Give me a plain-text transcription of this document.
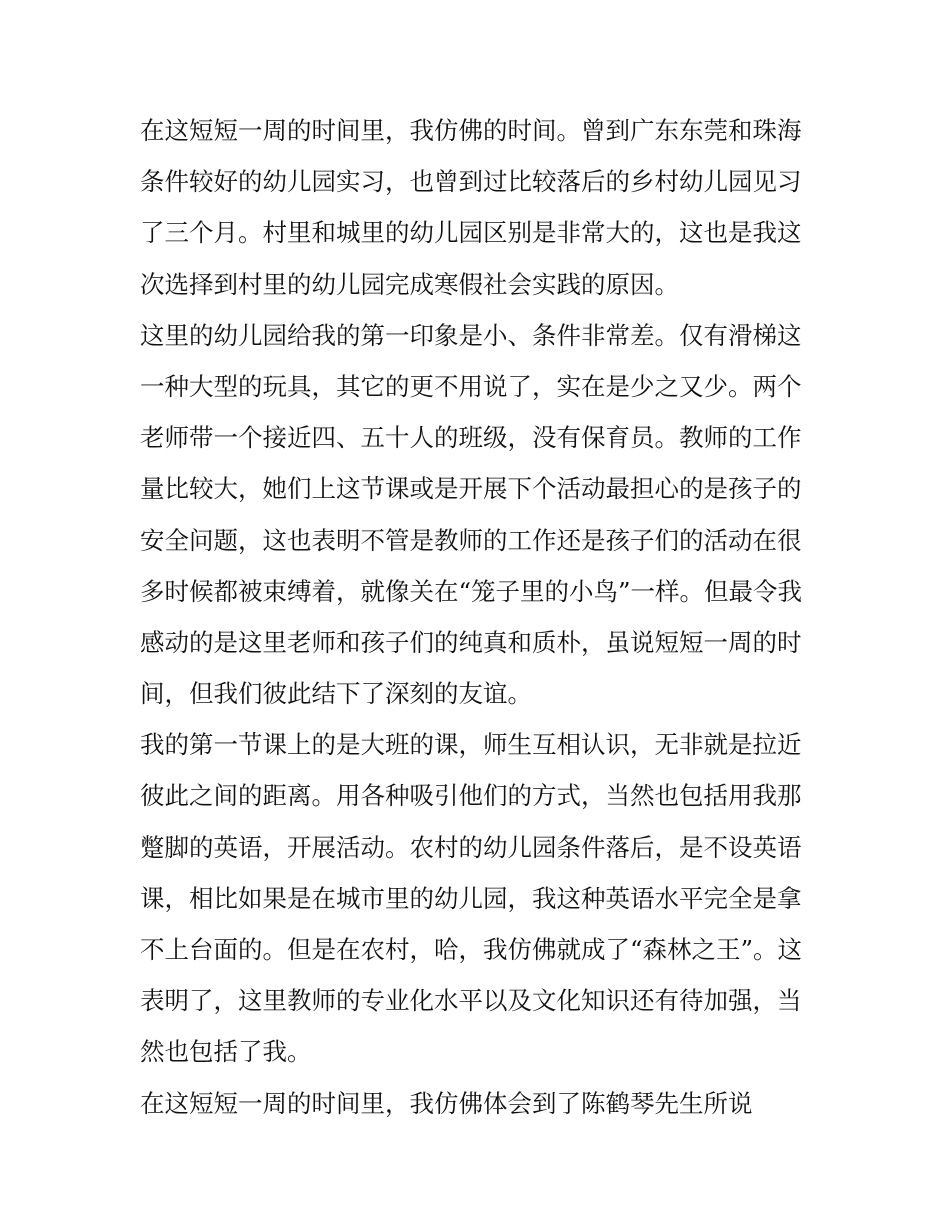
在这短短一周的时间里，我仿佛的时间。曾到广东东莞和珠海
条件较好的幼儿园实习，也曾到过比较落后的乡村幼儿园见习
了三个月。村里和城里的幼儿园区别是非常大的，这也是我这
次选择到村里的幼儿园完成寒假社会实践的原因。
这里的幼儿园给我的第一印象是小、条件非常差。仅有滑梯这
一种大型的玩具，其它的更不用说了，实在是少之又少。两个
老师带一个接近四、五十人的班级，没有保育员。教师的工作
量比较大，她们上这节课或是开展下个活动最担心的是孩子的
安全问题，这也表明不管是教师的工作还是孩子们的活动在很
多时候都被束缚着，就像关在“笼子里的小鸟”一样。但最令我
感动的是这里老师和孩子们的纯真和质朴，虽说短短一周的时
间，但我们彼此结下了深刻的友谊。
我的第一节课上的是大班的课，师生互相认识，无非就是拉近
彼此之间的距离。用各种吸引他们的方式，当然也包括用我那
蹩脚的英语，开展活动。农村的幼儿园条件落后，是不设英语
课，相比如果是在城市里的幼儿园，我这种英语水平完全是拿
不上台面的。但是在农村，哈，我仿佛就成了“森林之王”。这
表明了，这里教师的专业化水平以及文化知识还有待加强，当
然也包括了我。
在这短短一周的时间里，我仿佛体会到了陈鹤琴先生所说
